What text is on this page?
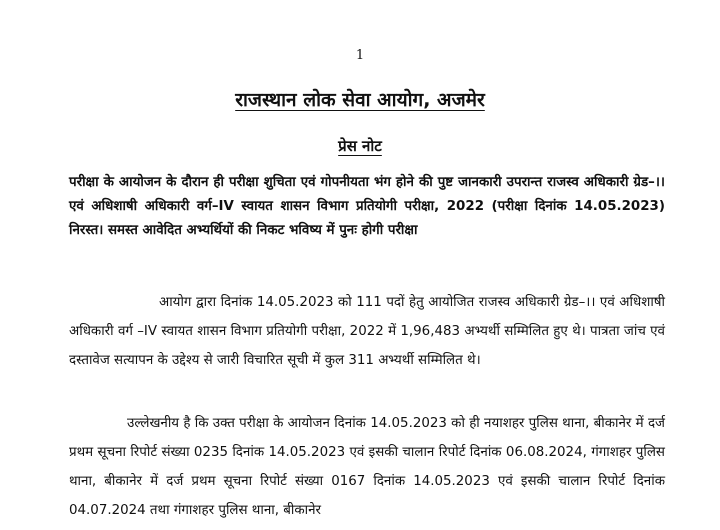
1
राजस्थान लोक सेवा आयोग, अजमेर
प्रेस नोट
परीक्षा के आयोजन के दौरान ही परीक्षा शुचिता एवं गोपनीयता भंग होने की पुष्ट जानकारी उपरान्त राजस्व अधिकारी ग्रेड–।। एवं अधिशाषी अधिकारी वर्ग–IV स्वायत शासन विभाग प्रतियोगी परीक्षा, 2022 (परीक्षा दिनांक 14.05.2023) निरस्त। समस्त आवेदित अभ्यर्थियों की निकट भविष्य में पुनः होगी परीक्षा
आयोग द्वारा दिनांक 14.05.2023 को 111 पदों हेतु आयोजित राजस्व अधिकारी ग्रेड–।। एवं अधिशाषी अधिकारी वर्ग –IV स्वायत शासन विभाग प्रतियोगी परीक्षा, 2022 में 1,96,483 अभ्यर्थी सम्मिलित हुए थे। पात्रता जांच एवं दस्तावेज सत्यापन के उद्देश्य से जारी विचारित सूची में कुल 311 अभ्यर्थी सम्मिलित थे।
उल्लेखनीय है कि उक्त परीक्षा के आयोजन दिनांक 14.05.2023 को ही नयाशहर पुलिस थाना, बीकानेर में दर्ज प्रथम सूचना रिपोर्ट संख्या 0235 दिनांक 14.05.2023 एवं इसकी चालान रिपोर्ट दिनांक 06.08.2024, गंगाशहर पुलिस थाना, बीकानेर में दर्ज प्रथम सूचना रिपोर्ट संख्या 0167 दिनांक 14.05.2023 एवं इसकी चालान रिपोर्ट दिनांक 04.07.2024 तथा गंगाशहर पुलिस थाना, बीकानेर
